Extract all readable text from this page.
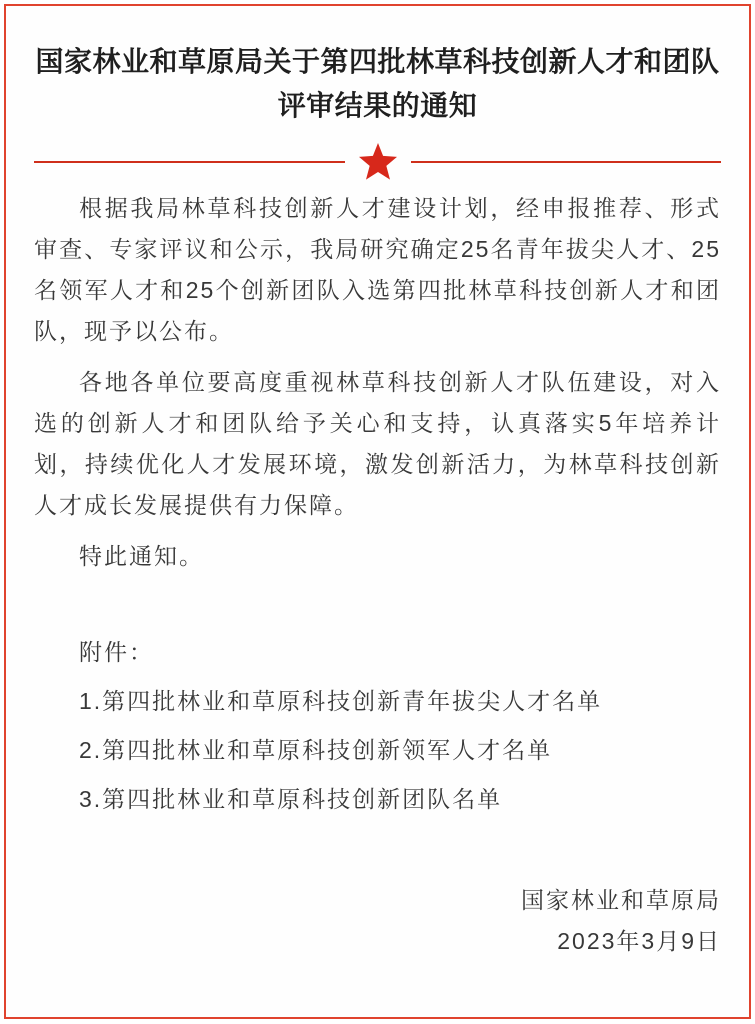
国家林业和草原局关于第四批林草科技创新人才和团队
评审结果的通知

根据我局林草科技创新人才建设计划，经申报推荐、形式审查、专家评议和公示，我局研究确定25名青年拔尖人才、25名领军人才和25个创新团队入选第四批林草科技创新人才和团队，现予以公布。

各地各单位要高度重视林草科技创新人才队伍建设，对入选的创新人才和团队给予关心和支持，认真落实5年培养计划，持续优化人才发展环境，激发创新活力，为林草科技创新人才成长发展提供有力保障。

特此通知。

附件：

1.第四批林业和草原科技创新青年拔尖人才名单

2.第四批林业和草原科技创新领军人才名单

3.第四批林业和草原科技创新团队名单

国家林业和草原局

2023年3月9日
